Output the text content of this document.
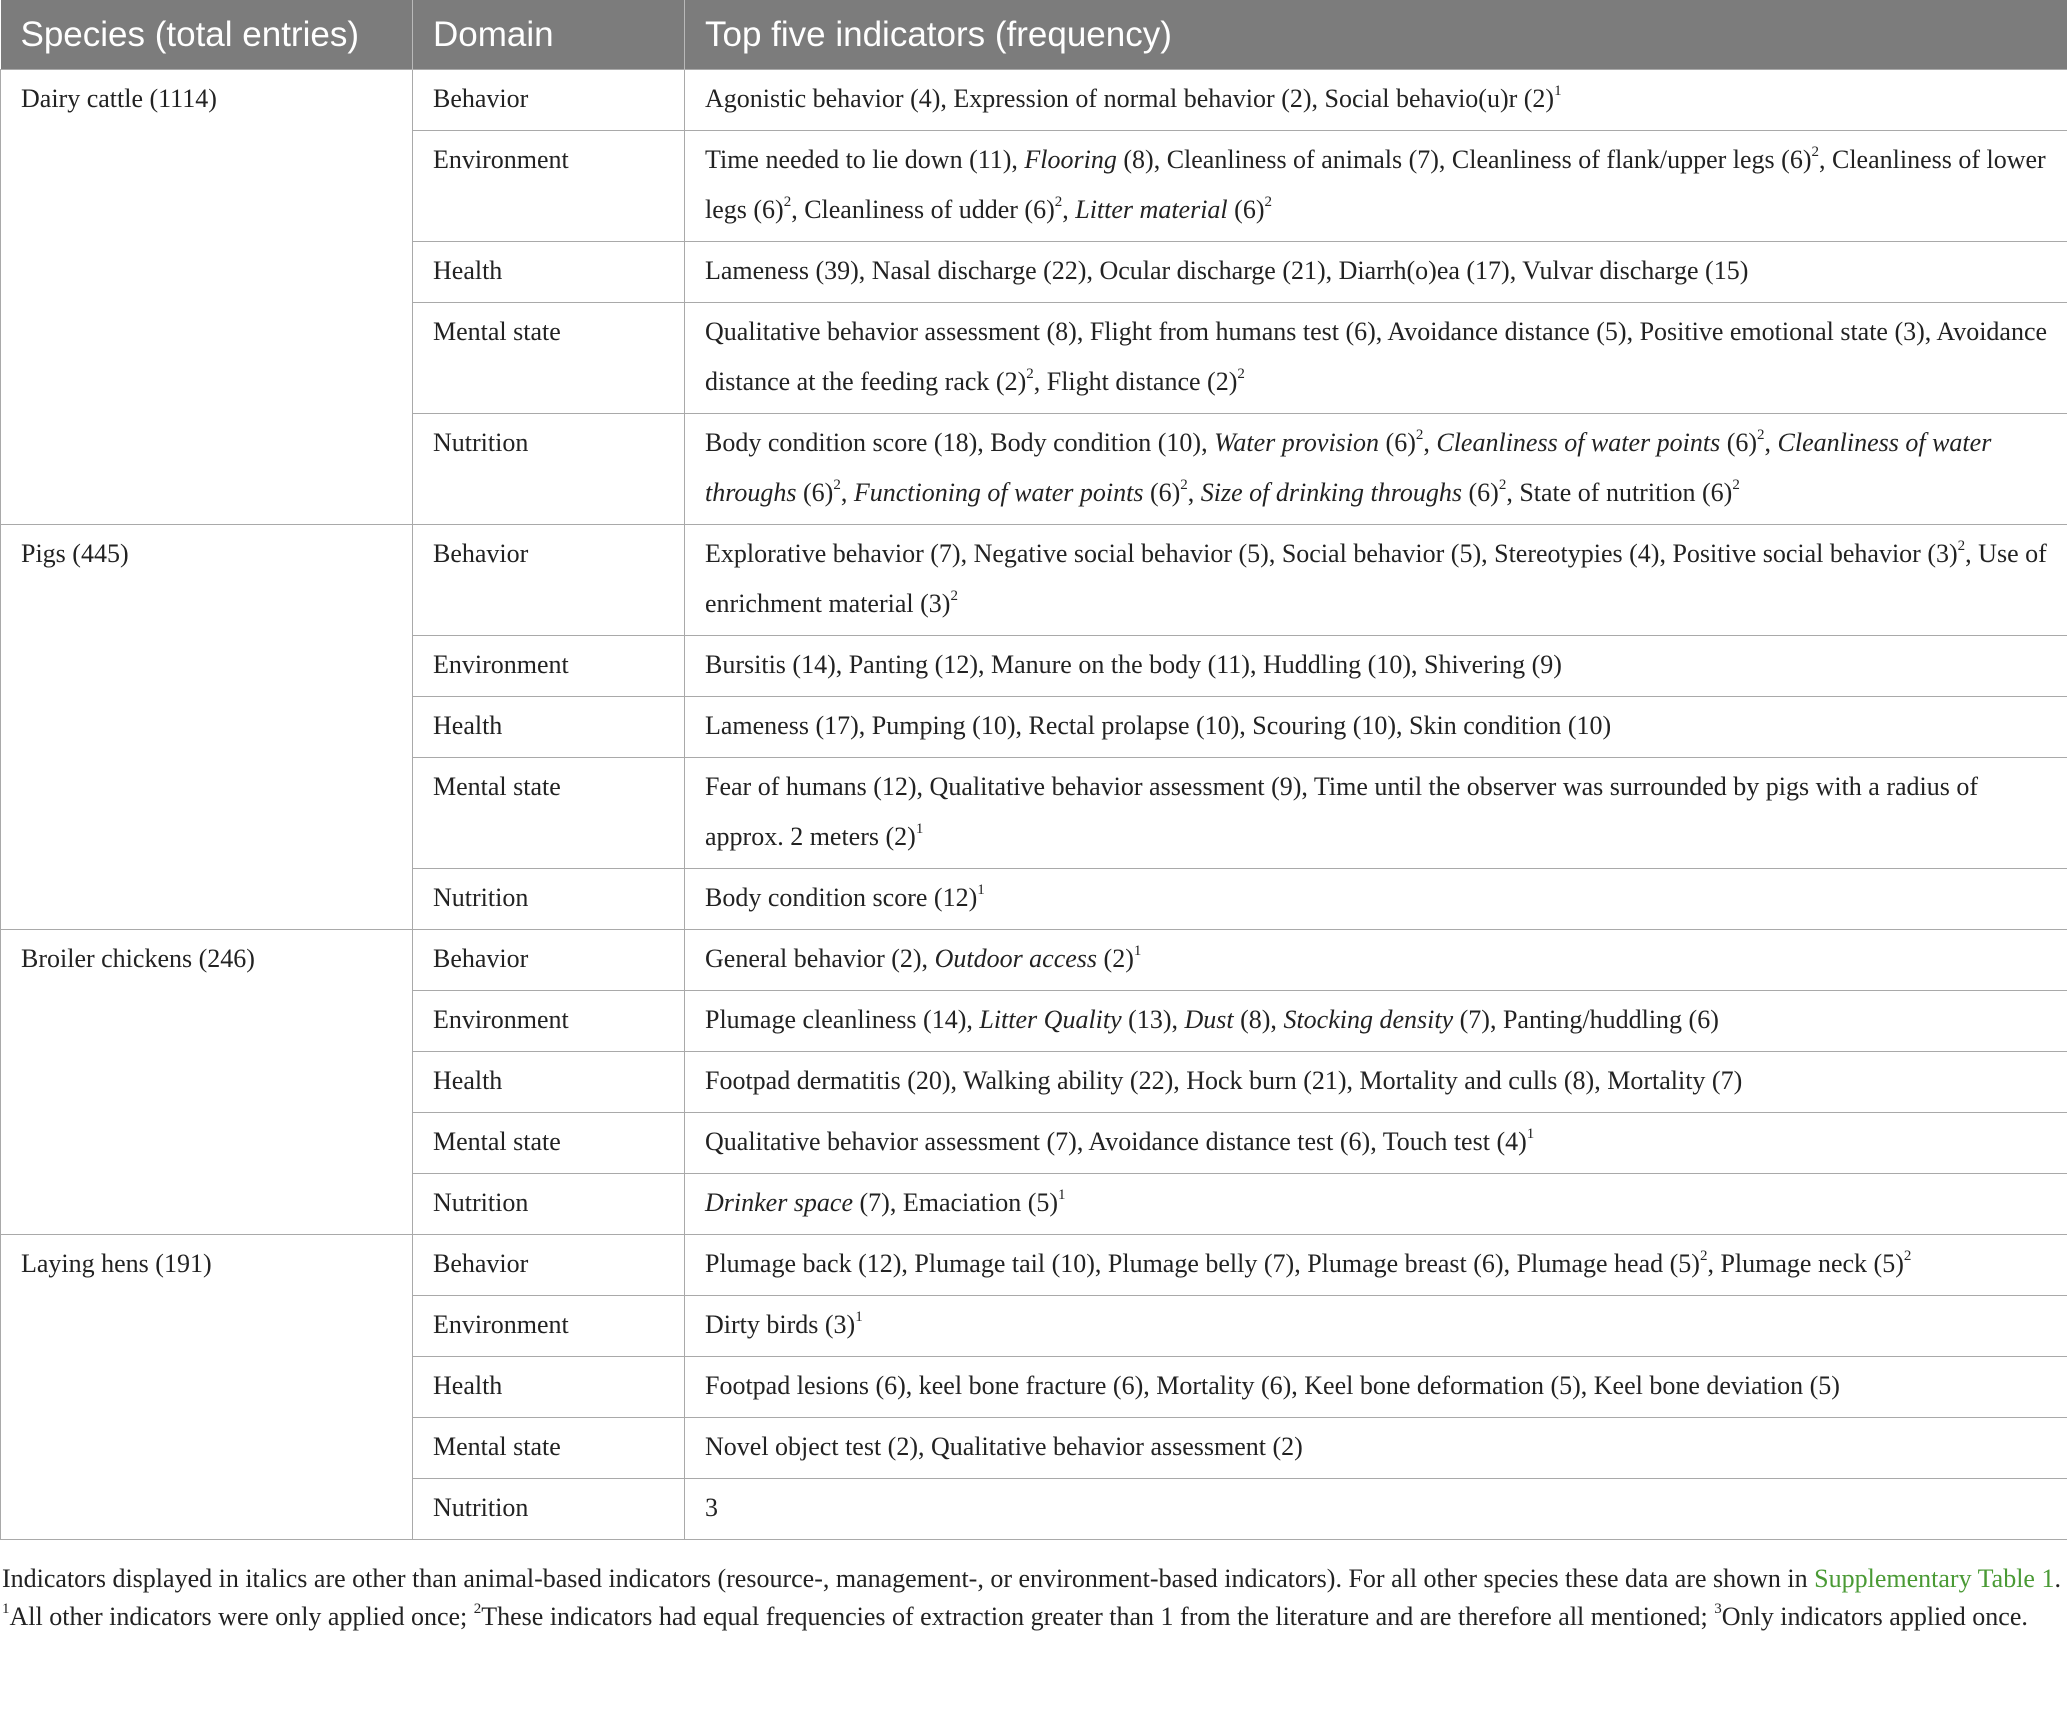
Species (total entries)	Domain	Top five indicators (frequency)
Dairy cattle (1114)	Behavior	Agonistic behavior (4), Expression of normal behavior (2), Social behavio(u)r $(2)^1$
	Environment	Time needed to lie down (11), Flooring (8), Cleanliness of animals (7), Cleanliness of flank/upper legs $(6)^2$, Cleanliness of lower legs $(6)^2$, Cleanliness of udder $(6)^2$, Litter material $(6)^2$
	Health	Lameness (39), Nasal discharge (22), Ocular discharge (21), Diarrh(o)ea (17), Vulvar discharge (15)
	Mental state	Qualitative behavior assessment (8), Flight from humans test (6), Avoidance distance (5), Positive emotional state (3), Avoidance distance at the feeding rack $(2)^2$, Flight distance $(2)^2$
	Nutrition	Body condition score (18), Body condition (10), Water provision $(6)^2$, Cleanliness of water points $(6)^2$, Cleanliness of water throughs $(6)^2$, Functioning of water points $(6)^2$, Size of drinking throughs $(6)^2$, State of nutrition $(6)^2$
Pigs (445)	Behavior	Explorative behavior (7), Negative social behavior (5), Social behavior (5), Stereotypies (4), Positive social behavior $(3)^2$, Use of enrichment material $(3)^2$
	Environment	Bursitis (14), Panting (12), Manure on the body (11), Huddling (10), Shivering (9)
	Health	Lameness (17), Pumping (10), Rectal prolapse (10), Scouring (10), Skin condition (10)
	Mental state	Fear of humans (12), Qualitative behavior assessment (9), Time until the observer was surrounded by pigs with a radius of approx. 2 meters $(2)^1$
	Nutrition	Body condition score $(12)^1$
Broiler chickens (246)	Behavior	General behavior (2), Outdoor access $(2)^1$
	Environment	Plumage cleanliness (14), Litter Quality (13), Dust (8), Stocking density (7), Panting/huddling (6)
	Health	Footpad dermatitis (20), Walking ability (22), Hock burn (21), Mortality and culls (8), Mortality (7)
	Mental state	Qualitative behavior assessment (7), Avoidance distance test (6), Touch test $(4)^1$
	Nutrition	Drinker space (7), Emaciation $(5)^1$
Laying hens (191)	Behavior	Plumage back (12), Plumage tail (10), Plumage belly (7), Plumage breast (6), Plumage head $(5)^2$, Plumage neck $(5)^2$
	Environment	Dirty birds $(3)^1$
	Health	Footpad lesions (6), keel bone fracture (6), Mortality (6), Keel bone deformation (5), Keel bone deviation (5)
	Mental state	Novel object test (2), Qualitative behavior assessment (2)
	Nutrition	3

Indicators displayed in italics are other than animal-based indicators (resource-, management-, or environment-based indicators). For all other species these data are shown in Supplementary Table 1.

$^1$All other indicators were only applied once; $^2$These indicators had equal frequencies of extraction greater than 1 from the literature and are therefore all mentioned; $^3$Only indicators applied once.
